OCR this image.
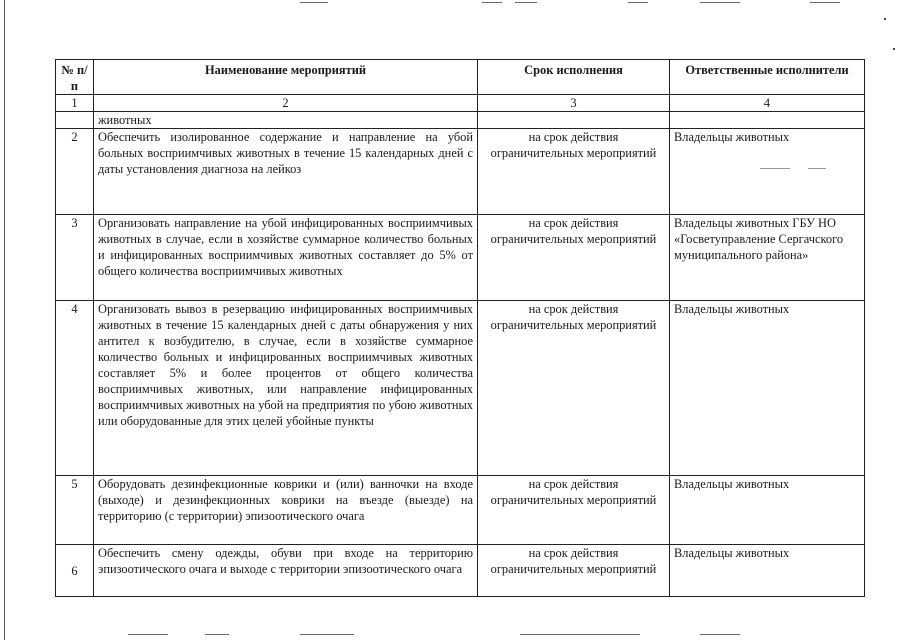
№ п/п	Наименование мероприятий	Срок исполнения	Ответственные исполнители
1	2	3	4
	животных		
2	Обеспечить изолированное содержание и направление на убой больных восприимчивых животных в течение 15 календарных дней с даты установления диагноза на лейкоз	на срок действия ограничительных мероприятий	Владельцы животных
3	Организовать направление на убой инфицированных восприимчивых животных в случае, если в хозяйстве суммарное количество больных и инфицированных восприимчивых животных составляет до 5% от общего количества восприимчивых животных	на срок действия ограничительных мероприятий	Владельцы животных ГБУ НО «Госветуправление Сергачского муниципального района»
4	Организовать вывоз в резервацию инфицированных восприимчивых животных в течение 15 календарных дней с даты обнаружения у них антител к возбудителю, в случае, если в хозяйстве суммарное количество больных и инфицированных восприимчивых животных составляет 5% и более процентов от общего количества восприимчивых животных, или направление инфицированных восприимчивых животных на убой на предприятия по убою животных или оборудованные для этих целей убойные пункты	на срок действия ограничительных мероприятий	Владельцы животных
5	Оборудовать дезинфекционные коврики и (или) ванночки на входе (выходе) и дезинфекционных коврики на въезде (выезде) на территорию (с территории) эпизоотического очага	на срок действия ограничительных мероприятий	Владельцы животных
6	Обеспечить смену одежды, обуви при входе на территорию эпизоотического очага и выходе с территории эпизоотического очага	на срок действия ограничительных мероприятий	Владельцы животных
